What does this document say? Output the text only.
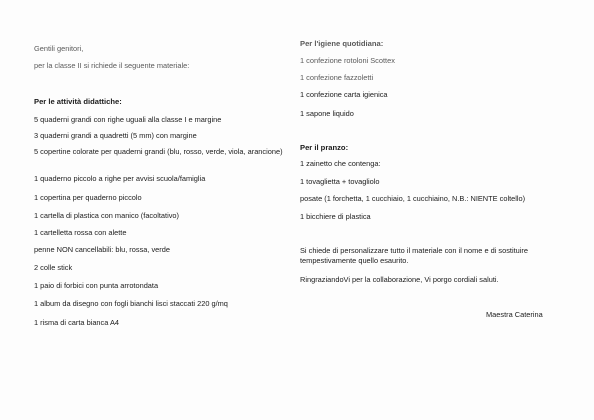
Gentili genitori,
per la classe II si richiede il seguente materiale:
Per le attività didattiche:
5 quaderni grandi con righe uguali alla classe I e margine
3 quaderni grandi a quadretti (5 mm) con margine
5 copertine colorate per quaderni grandi (blu, rosso, verde, viola, arancione)
1 quaderno piccolo a righe per avvisi scuola/famiglia
1 copertina per quaderno piccolo
1 cartella di plastica con manico (facoltativo)
1 cartelletta rossa con alette
penne NON cancellabili: blu, rossa, verde
2 colle stick
1 paio di forbici con punta arrotondata
1 album da disegno con fogli bianchi lisci staccati 220 g/mq
1 risma di carta bianca A4
Per l'igiene quotidiana:
1 confezione rotoloni Scottex
1 confezione fazzoletti
1 confezione carta igienica
1 sapone liquido
Per il pranzo:
1 zainetto che contenga:
1 tovaglietta + tovagliolo
posate (1 forchetta, 1 cucchiaio, 1 cucchiaino, N.B.: NIENTE coltello)
1 bicchiere di plastica
Si chiede di personalizzare tutto il materiale con il nome e di sostituire tempestivamente quello esaurito.
RingraziandoVi per la collaborazione, Vi porgo cordiali saluti.
Maestra Caterina
